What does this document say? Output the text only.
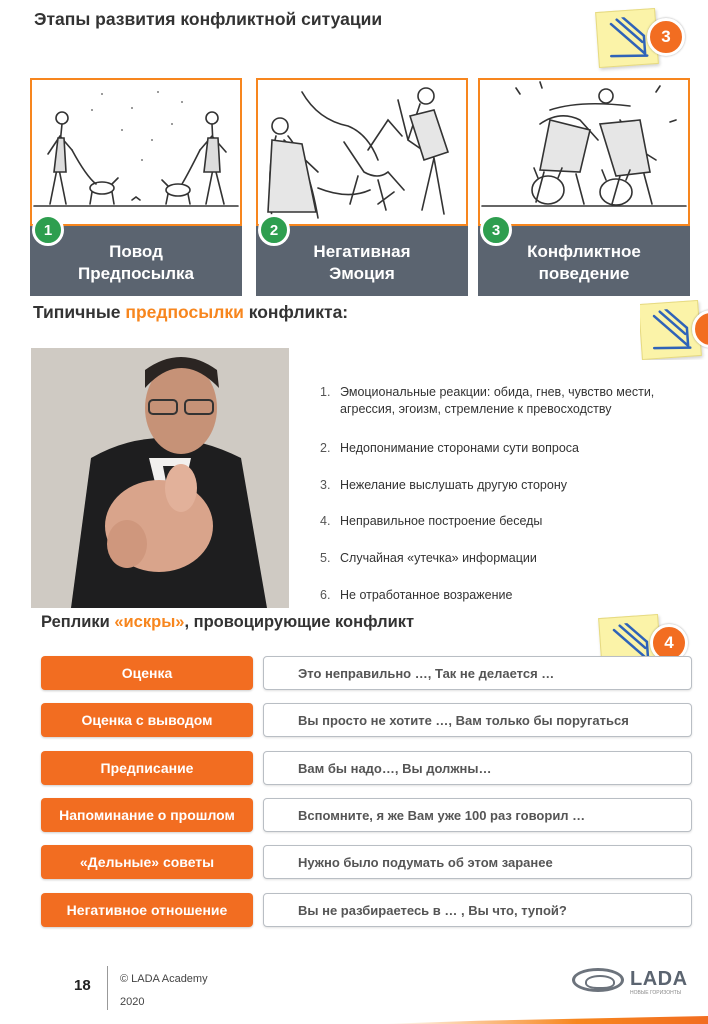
Этапы развития конфликтной ситуации
3
1
Повод
Предпосылка
2
Негативная
Эмоция
3
Конфликтное
поведение
Типичные предпосылки конфликта:
1. Эмоциональные реакции: обида, гнев, чувство мести, агрессия, эгоизм, стремление к превосходству
2. Недопонимание сторонами сути вопроса
3. Нежелание выслушать другую сторону
4. Неправильное построение беседы
5. Случайная «утечка» информации
6. Не отработанное возражение
Реплики «искры», провоцирующие конфликт
4
Оценка	Это неправильно …, Так не делается …
Оценка с выводом	Вы просто не хотите …, Вам только бы поругаться
Предписание	Вам бы надо…, Вы должны…
Напоминание о прошлом	Вспомните, я же Вам уже 100 раз говорил …
«Дельные» советы	Нужно было подумать об этом заранее
Негативное отношение	Вы не разбираетесь в … , Вы что, тупой?
18	© LADA Academy
2020
LADA
НОВЫЕ ГОРИЗОНТЫ
